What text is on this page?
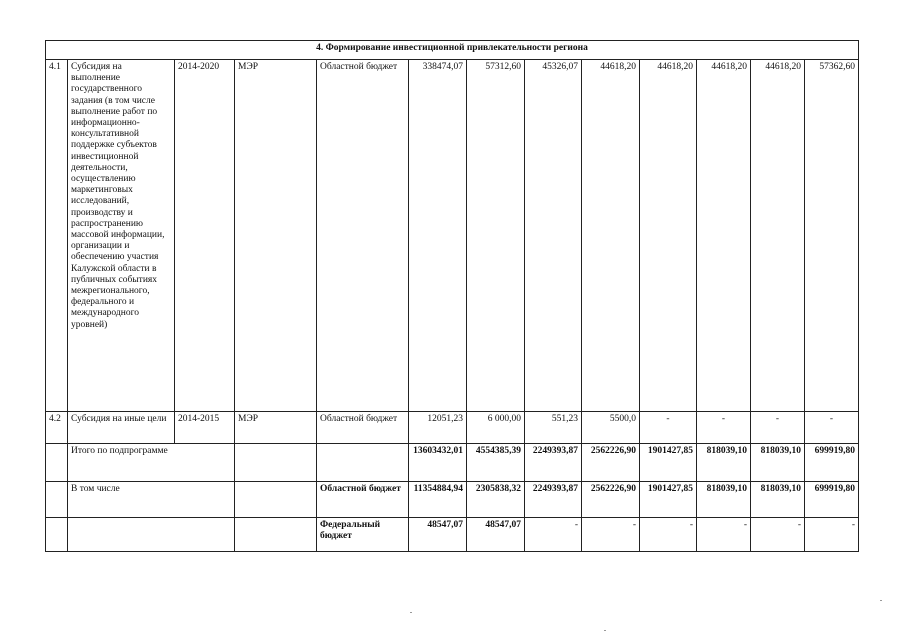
4. Формирование инвестиционной привлекательности региона												
4.1	Субсидия на выполнение государственного задания (в том числе выполнение работ по информационно-консультативной поддержке субъектов инвестиционной деятельности, осуществлению маркетинговых исследований, производству и распространению массовой информации, организации и обеспечению участия Калужской области в публичных событиях межрегионального, федерального и международного уровней)	2014-2020	МЭР	Областной бюджет	338474,07	57312,60	45326,07	44618,20	44618,20	44618,20	44618,20	57362,60
4.2	Субсидия на иные цели	2014-2015	МЭР	Областной бюджет	12051,23	6 000,00	551,23	5500,0	-	-	-	-
	Итого по подпрограмме				13603432,01	4554385,39	2249393,87	2562226,90	1901427,85	818039,10	818039,10	699919,80
	В том числе			Областной бюджет	11354884,94	2305838,32	2249393,87	2562226,90	1901427,85	818039,10	818039,10	699919,80
				Федеральный бюджет	48547,07	48547,07	-	-	-	-	-	-
